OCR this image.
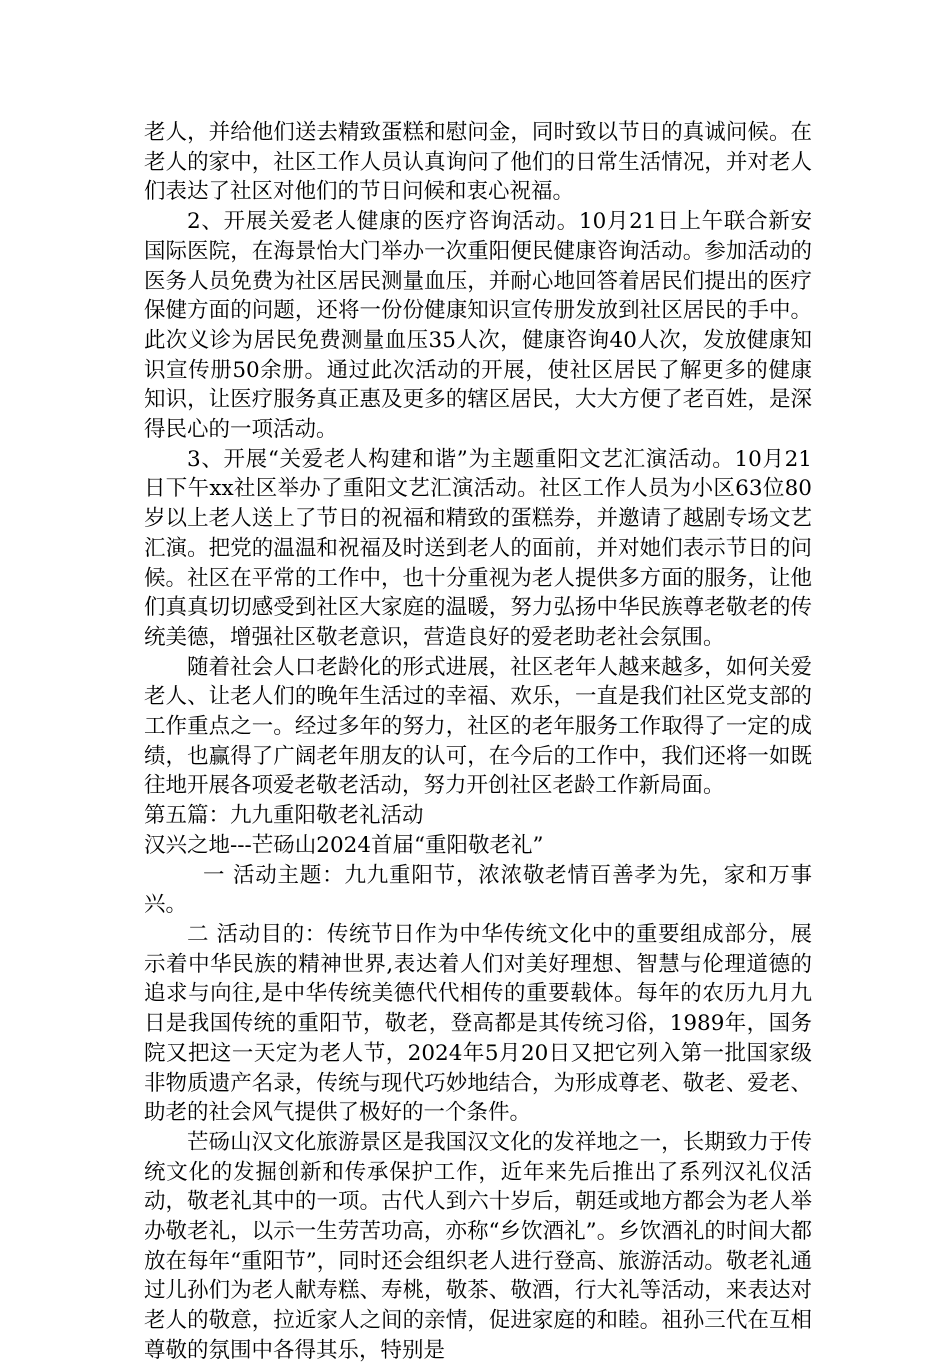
老人，并给他们送去精致蛋糕和慰问金，同时致以节日的真诚问候。在老人的家中，社区工作人员认真询问了他们的日常生活情况，并对老人们表达了社区对他们的节日问候和衷心祝福。

2、开展关爱老人健康的医疗咨询活动。10月21日上午联合新安国际医院，在海景怡大门举办一次重阳便民健康咨询活动。参加活动的医务人员免费为社区居民测量血压，并耐心地回答着居民们提出的医疗保健方面的问题，还将一份份健康知识宣传册发放到社区居民的手中。此次义诊为居民免费测量血压35人次，健康咨询40人次，发放健康知识宣传册50余册。通过此次活动的开展，使社区居民了解更多的健康知识，让医疗服务真正惠及更多的辖区居民，大大方便了老百姓，是深得民心的一项活动。

3、开展“关爱老人构建和谐”为主题重阳文艺汇演活动。10月21日下午xx社区举办了重阳文艺汇演活动。社区工作人员为小区63位80岁以上老人送上了节日的祝福和精致的蛋糕券，并邀请了越剧专场文艺汇演。把党的温温和祝福及时送到老人的面前，并对她们表示节日的问候。社区在平常的工作中，也十分重视为老人提供多方面的服务，让他们真真切切感受到社区大家庭的温暖，努力弘扬中华民族尊老敬老的传统美德，增强社区敬老意识，营造良好的爱老助老社会氛围。

随着社会人口老龄化的形式进展，社区老年人越来越多，如何关爱老人、让老人们的晚年生活过的幸福、欢乐，一直是我们社区党支部的工作重点之一。经过多年的努力，社区的老年服务工作取得了一定的成绩，也赢得了广阔老年朋友的认可，在今后的工作中，我们还将一如既往地开展各项爱老敬老活动，努力开创社区老龄工作新局面。

第五篇：九九重阳敬老礼活动

汉兴之地---芒砀山2024首届“重阳敬老礼”

一 活动主题：九九重阳节，浓浓敬老情百善孝为先，家和万事兴。

二 活动目的：传统节日作为中华传统文化中的重要组成部分，展示着中华民族的精神世界,表达着人们对美好理想、智慧与伦理道德的追求与向往,是中华传统美德代代相传的重要载体。每年的农历九月九日是我国传统的重阳节，敬老，登高都是其传统习俗，1989年，国务院又把这一天定为老人节，2024年5月20日又把它列入第一批国家级非物质遗产名录，传统与现代巧妙地结合，为形成尊老、敬老、爱老、助老的社会风气提供了极好的一个条件。

芒砀山汉文化旅游景区是我国汉文化的发祥地之一，长期致力于传统文化的发掘创新和传承保护工作，近年来先后推出了系列汉礼仪活动，敬老礼其中的一项。古代人到六十岁后，朝廷或地方都会为老人举办敬老礼，以示一生劳苦功高，亦称“乡饮酒礼”。乡饮酒礼的时间大都放在每年“重阳节”，同时还会组织老人进行登高、旅游活动。敬老礼通过儿孙们为老人献寿糕、寿桃，敬茶、敬酒，行大礼等活动，来表达对老人的敬意，拉近家人之间的亲情，促进家庭的和睦。祖孙三代在互相尊敬的氛围中各得其乐，特别是
